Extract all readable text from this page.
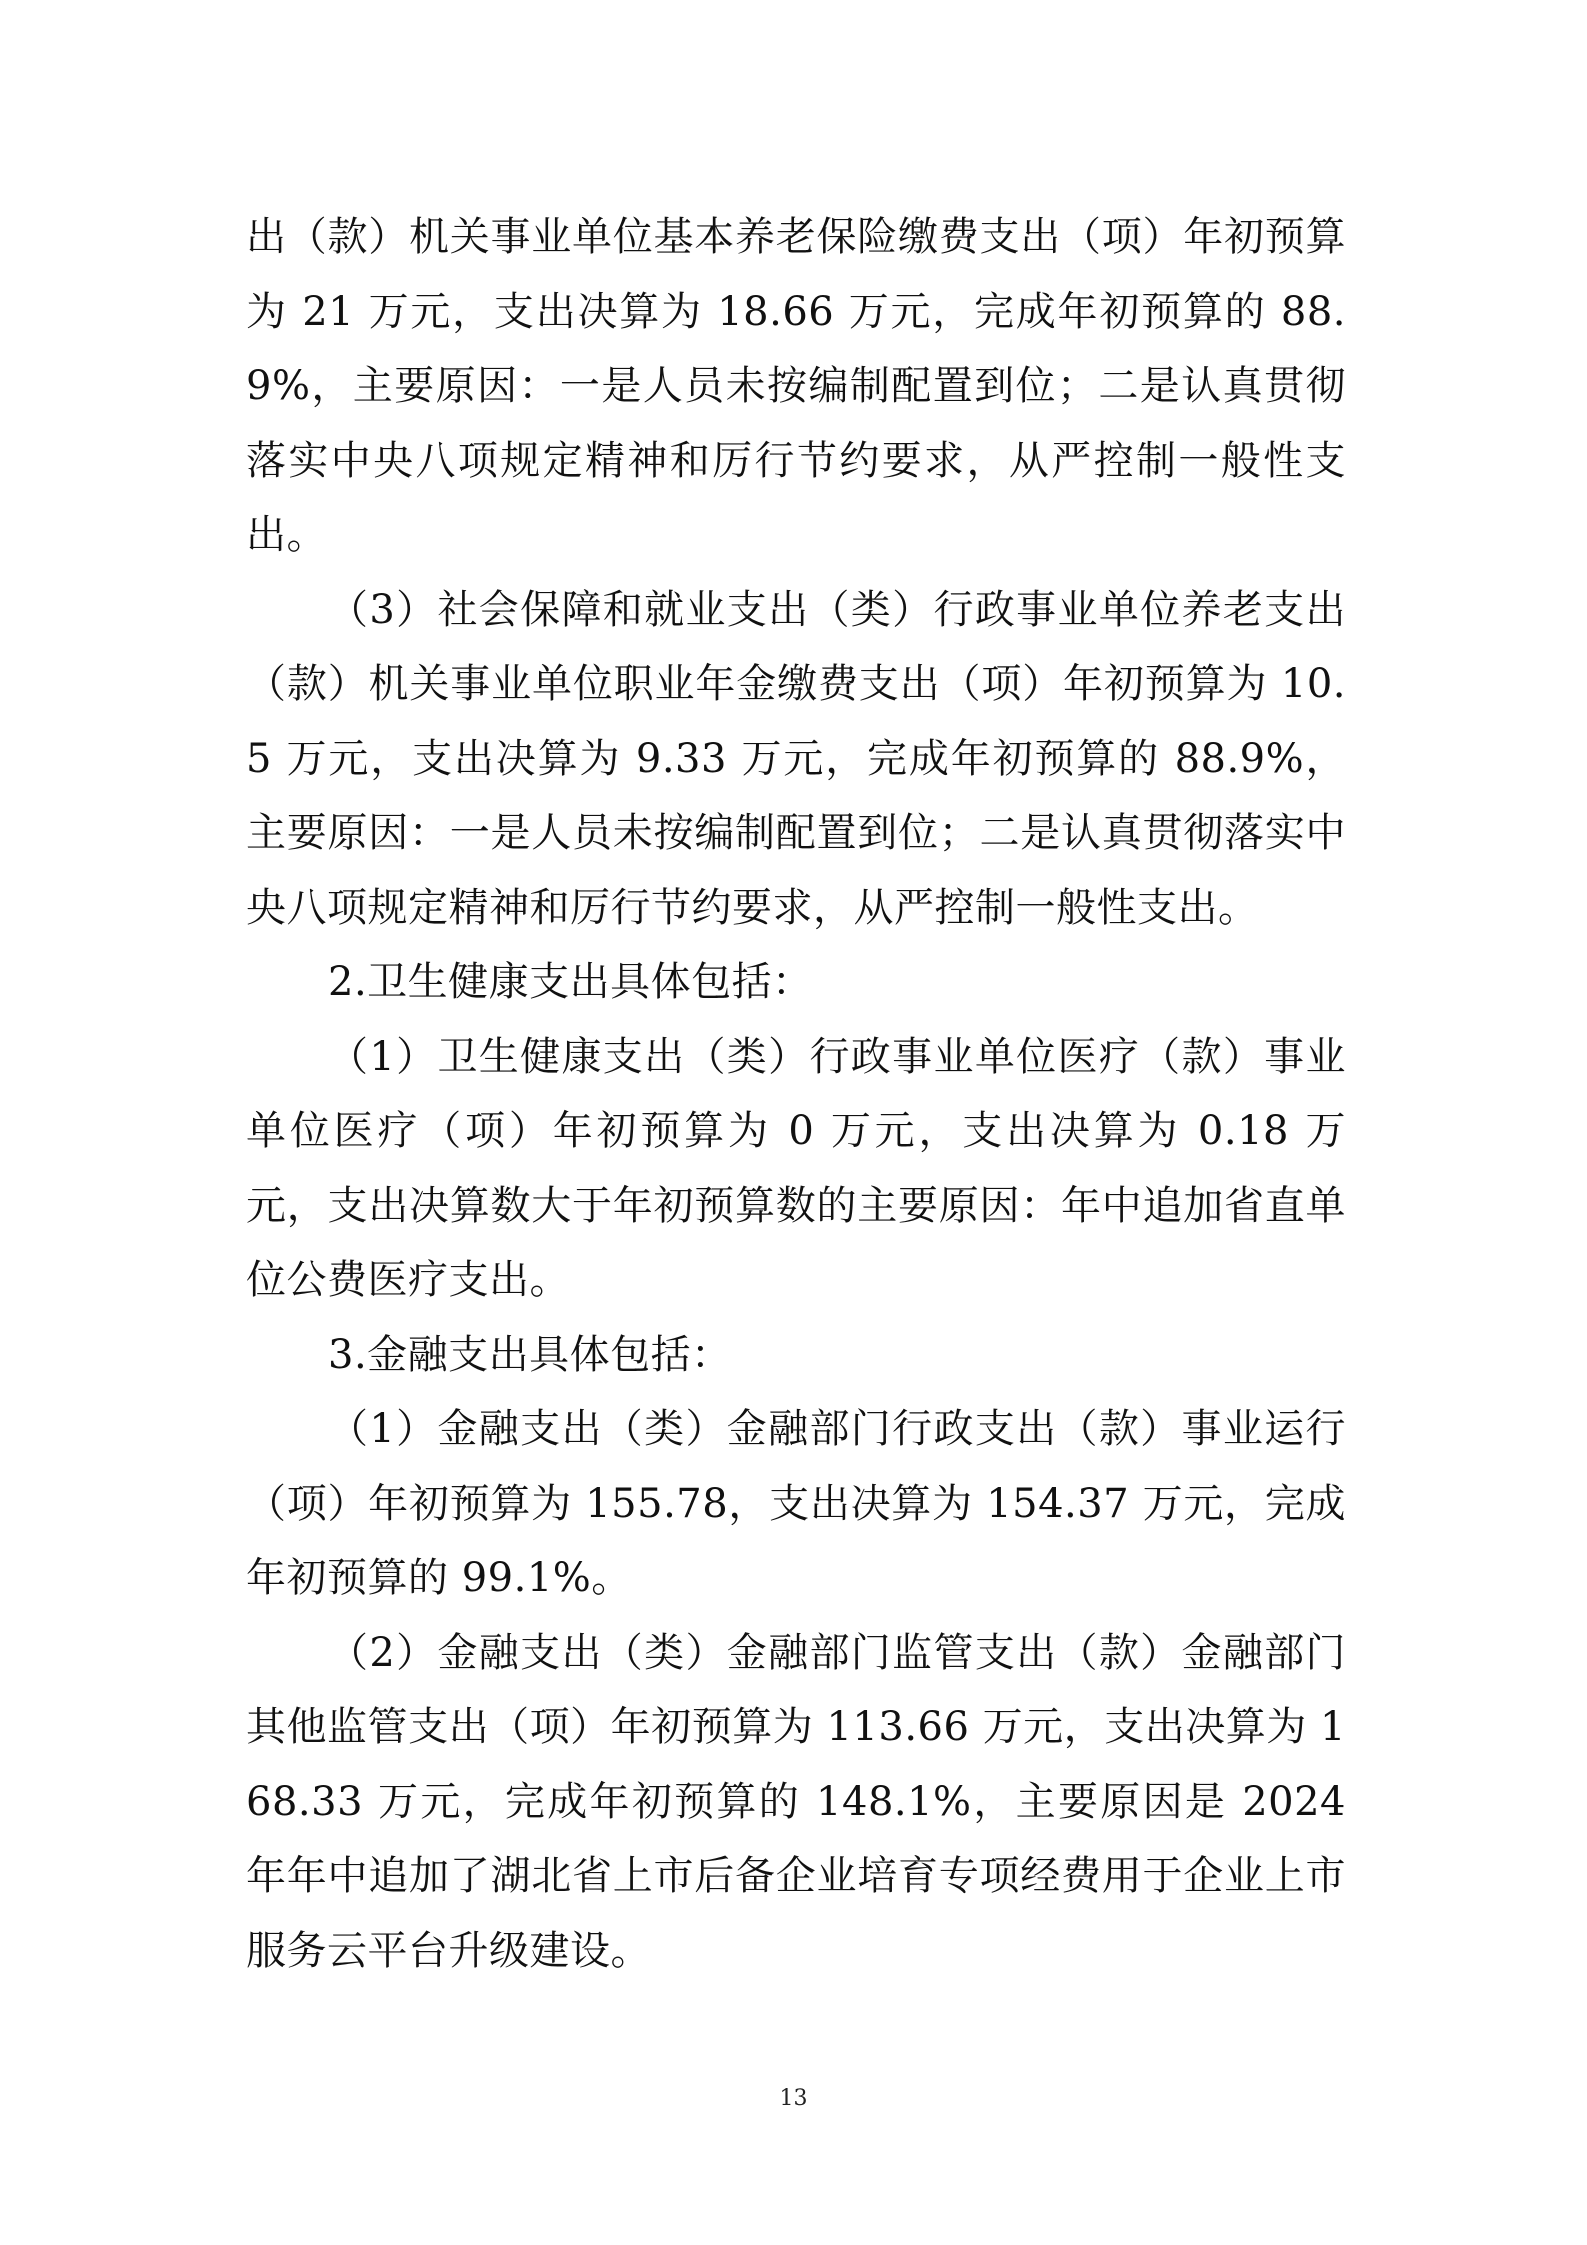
出（款）机关事业单位基本养老保险缴费支出（项）年初预算为 21 万元，支出决算为 18.66 万元，完成年初预算的 88.9%，主要原因：一是人员未按编制配置到位；二是认真贯彻落实中央八项规定精神和厉行节约要求，从严控制一般性支出。

（3）社会保障和就业支出（类）行政事业单位养老支出（款）机关事业单位职业年金缴费支出（项）年初预算为 10.5 万元，支出决算为 9.33 万元，完成年初预算的 88.9%，主要原因：一是人员未按编制配置到位；二是认真贯彻落实中央八项规定精神和厉行节约要求，从严控制一般性支出。

2.卫生健康支出具体包括：

（1）卫生健康支出（类）行政事业单位医疗（款）事业单位医疗（项）年初预算为 0 万元，支出决算为 0.18 万元，支出决算数大于年初预算数的主要原因：年中追加省直单位公费医疗支出。

3.金融支出具体包括：

（1）金融支出（类）金融部门行政支出（款）事业运行（项）年初预算为 155.78，支出决算为 154.37 万元，完成年初预算的 99.1%。

（2）金融支出（类）金融部门监管支出（款）金融部门其他监管支出（项）年初预算为 113.66 万元，支出决算为 168.33 万元，完成年初预算的 148.1%，主要原因是 2024 年年中追加了湖北省上市后备企业培育专项经费用于企业上市服务云平台升级建设。

13
